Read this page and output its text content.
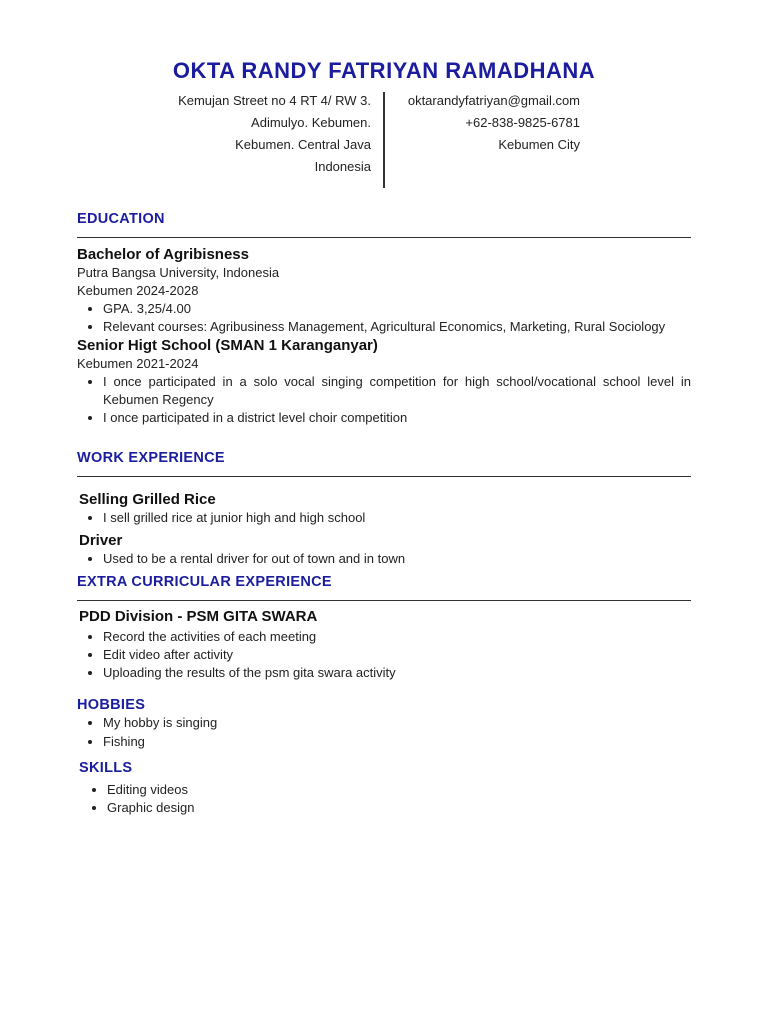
OKTA RANDY FATRIYAN RAMADHANA
Kemujan Street no 4 RT 4/ RW 3.
Adimulyo. Kebumen.
Kebumen. Central Java
Indonesia
oktarandyfatriyan@gmail.com
+62-838-9825-6781
Kebumen City
EDUCATION
Bachelor of Agribisness
Putra Bangsa University, Indonesia
Kebumen 2024-2028
• GPA. 3,25/4.00
• Relevant courses: Agribusiness Management, Agricultural Economics, Marketing, Rural Sociology
Senior Higt School (SMAN 1 Karanganyar)
Kebumen 2021-2024
• I once participated in a solo vocal singing competition for high school/vocational school level in Kebumen Regency
• I once participated in a district level choir competition
WORK EXPERIENCE
Selling Grilled Rice
• I sell grilled rice at junior high and high school
Driver
• Used to be a rental driver for out of town and in town
EXTRA CURRICULAR EXPERIENCE
PDD Division - PSM GITA SWARA
• Record the activities of each meeting
• Edit video after activity
• Uploading the results of the psm gita swara activity
HOBBIES
• My hobby is singing
• Fishing
SKILLS
• Editing videos
• Graphic design
